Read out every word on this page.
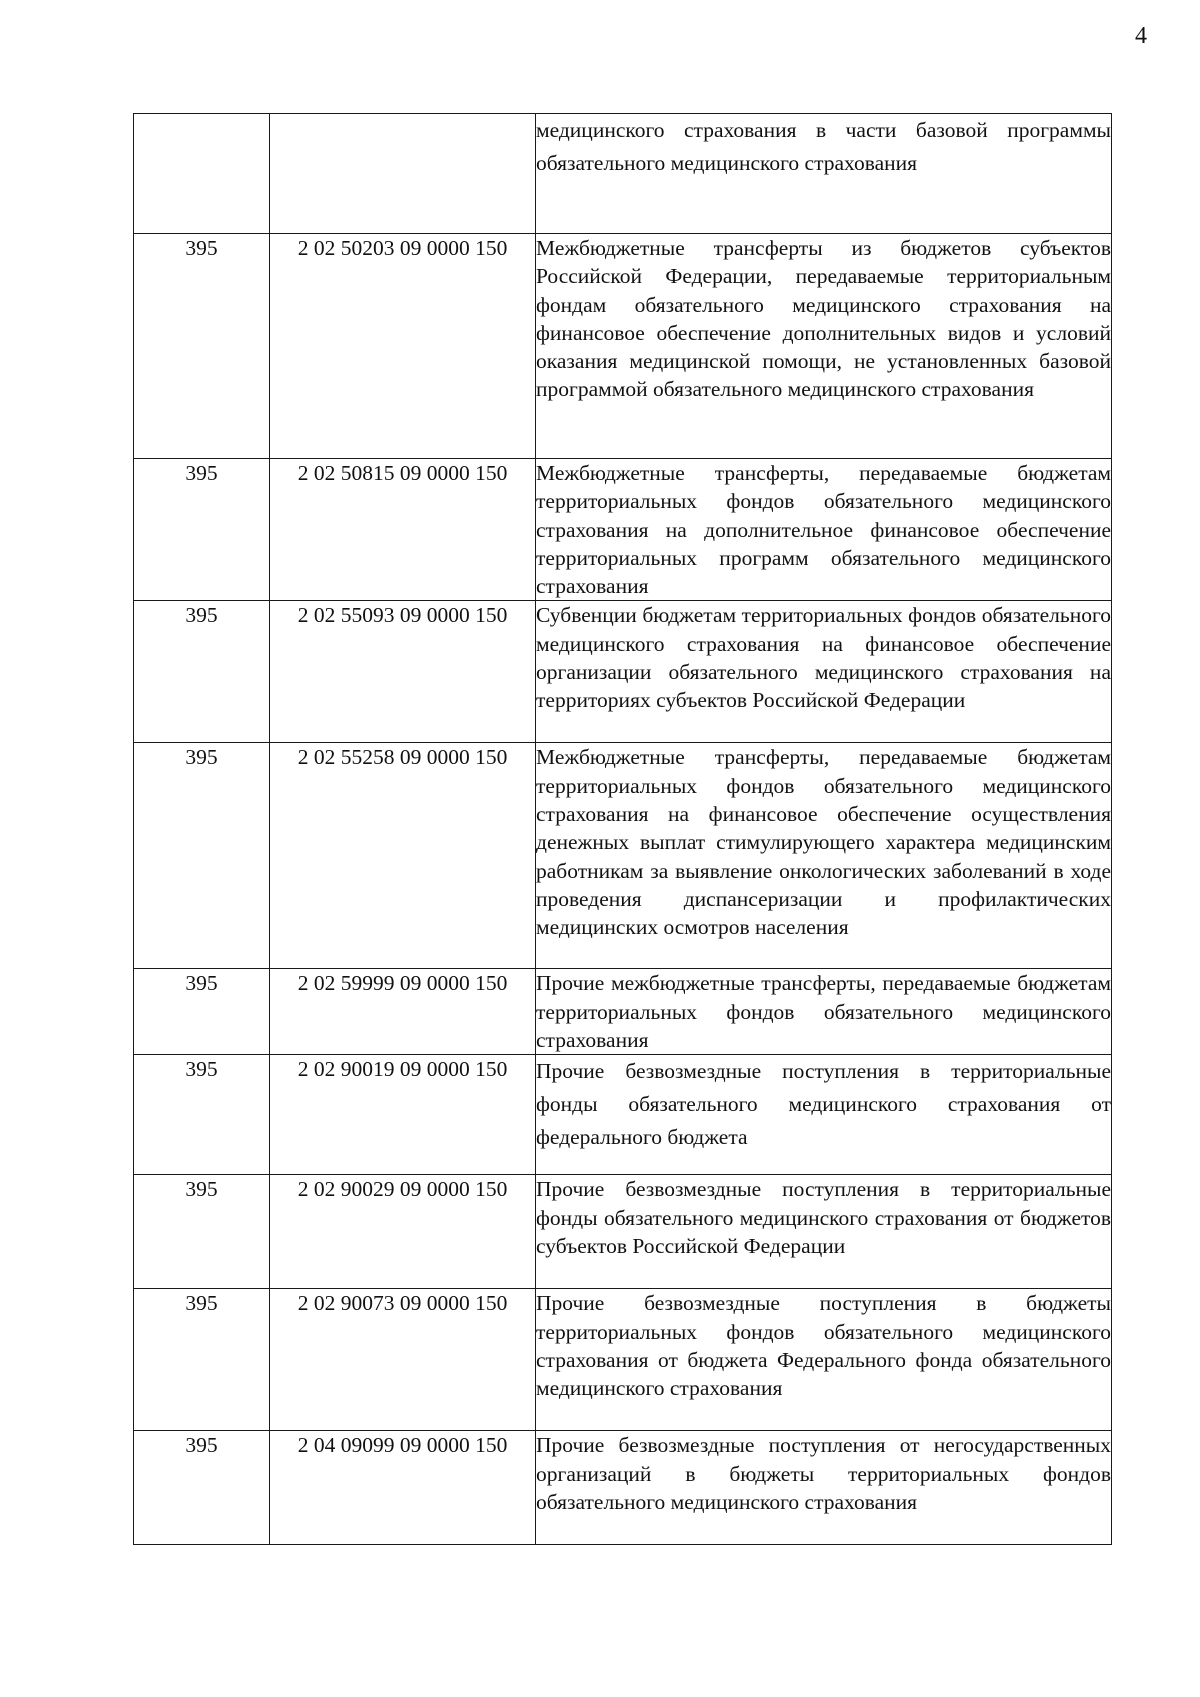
4
		медицинского страхования в части базовой программы обязательного медицинского страхования
395	2 02 50203 09 0000 150	Межбюджетные трансферты из бюджетов субъектов Российской Федерации, передаваемые территориальным фондам обязательного медицинского страхования на финансовое обеспечение дополнительных видов и условий оказания медицинской помощи, не установленных базовой программой обязательного медицинского страхования
395	2 02 50815 09 0000 150	Межбюджетные трансферты, передаваемые бюджетам территориальных фондов обязательного медицинского страхования на дополнительное финансовое обеспечение территориальных программ обязательного медицинского страхования
395	2 02 55093 09 0000 150	Субвенции бюджетам территориальных фондов обязательного медицинского страхования на финансовое обеспечение организации обязательного медицинского страхования на территориях субъектов Российской Федерации
395	2 02 55258 09 0000 150	Межбюджетные трансферты, передаваемые бюджетам территориальных фондов обязательного медицинского страхования на финансовое обеспечение осуществления денежных выплат стимулирующего характера медицинским работникам за выявление онкологических заболеваний в ходе проведения диспансеризации и профилактических медицинских осмотров населения
395	2 02 59999 09 0000 150	Прочие межбюджетные трансферты, передаваемые бюджетам территориальных фондов обязательного медицинского страхования
395	2 02 90019 09 0000 150	Прочие безвозмездные поступления в территориальные фонды обязательного медицинского страхования от федерального бюджета
395	2 02 90029 09 0000 150	Прочие безвозмездные поступления в территориальные фонды обязательного медицинского страхования от бюджетов субъектов Российской Федерации
395	2 02 90073 09 0000 150	Прочие безвозмездные поступления в бюджеты территориальных фондов обязательного медицинского страхования от бюджета Федерального фонда обязательного медицинского страхования
395	2 04 09099 09 0000 150	Прочие безвозмездные поступления от негосударственных организаций в бюджеты территориальных фондов обязательного медицинского страхования
